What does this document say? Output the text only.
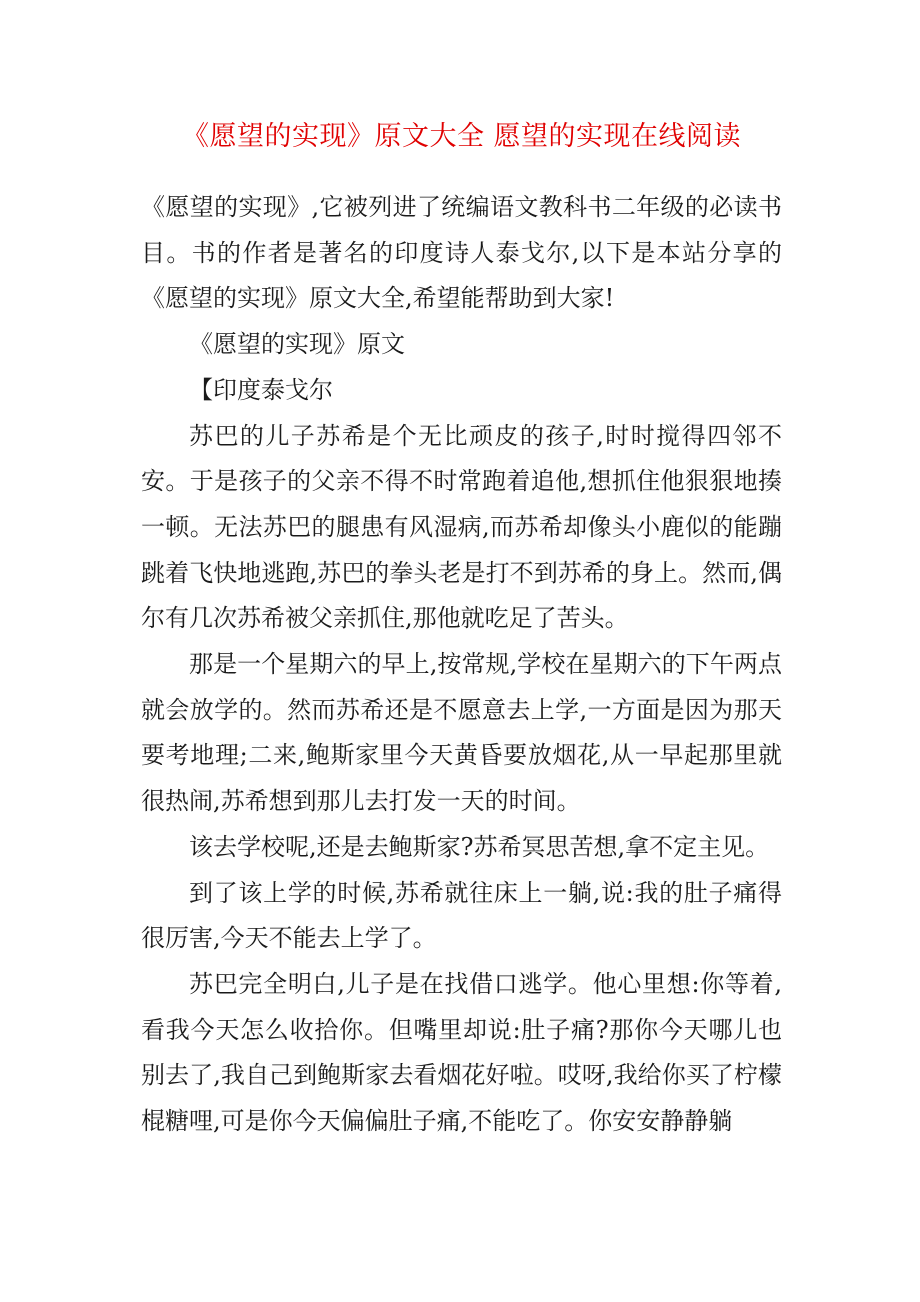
《愿望的实现》原文大全 愿望的实现在线阅读

《愿望的实现》,它被列进了统编语文教科书二年级的必读书目。书的作者是著名的印度诗人泰戈尔,以下是本站分享的《愿望的实现》原文大全,希望能帮助到大家!

《愿望的实现》原文

【印度泰戈尔

苏巴的儿子苏希是个无比顽皮的孩子,时时搅得四邻不安。于是孩子的父亲不得不时常跑着追他,想抓住他狠狠地揍一顿。无法苏巴的腿患有风湿病,而苏希却像头小鹿似的能蹦跳着飞快地逃跑,苏巴的拳头老是打不到苏希的身上。然而,偶尔有几次苏希被父亲抓住,那他就吃足了苦头。

那是一个星期六的早上,按常规,学校在星期六的下午两点就会放学的。然而苏希还是不愿意去上学,一方面是因为那天要考地理;二来,鲍斯家里今天黄昏要放烟花,从一早起那里就很热闹,苏希想到那儿去打发一天的时间。

该去学校呢,还是去鲍斯家?苏希冥思苦想,拿不定主见。

到了该上学的时候,苏希就往床上一躺,说:我的肚子痛得很厉害,今天不能去上学了。

苏巴完全明白,儿子是在找借口逃学。他心里想:你等着,看我今天怎么收拾你。但嘴里却说:肚子痛?那你今天哪儿也别去了,我自己到鲍斯家去看烟花好啦。哎呀,我给你买了柠檬棍糖哩,可是你今天偏偏肚子痛,不能吃了。你安安静静躺
